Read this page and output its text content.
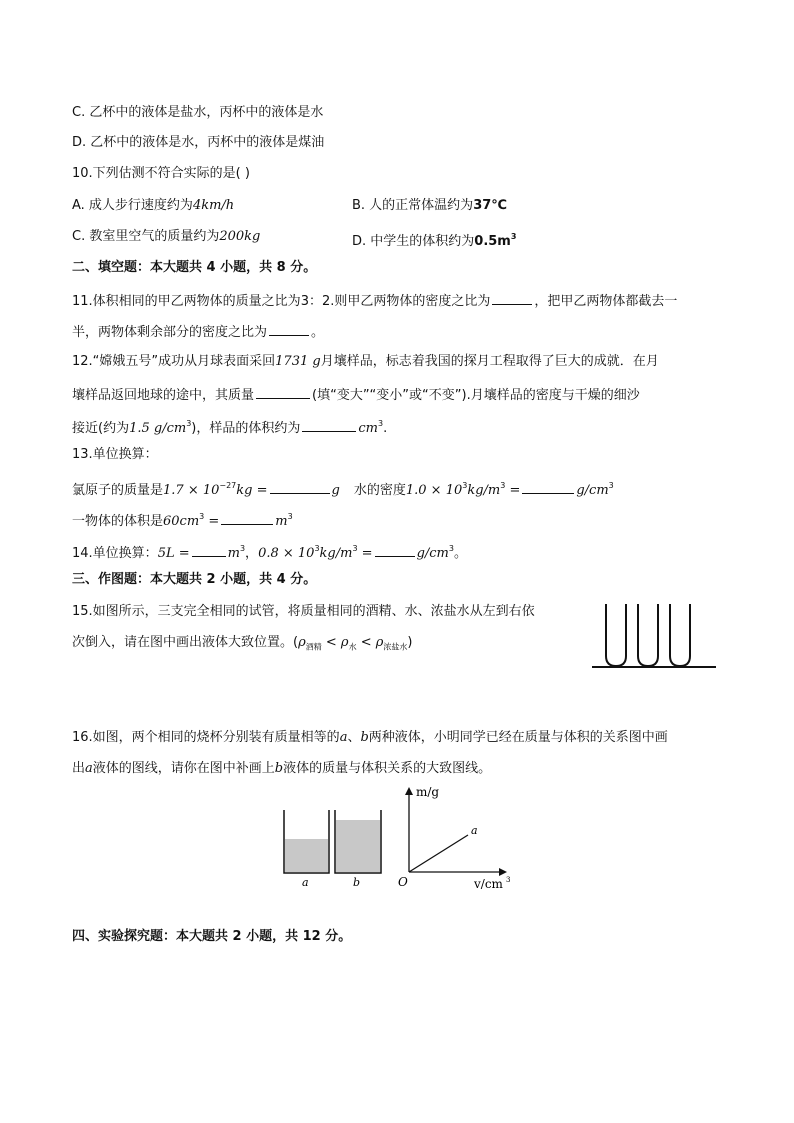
C. 乙杯中的液体是盐水，丙杯中的液体是水
D. 乙杯中的液体是水，丙杯中的液体是煤油
10.下列估测不符合实际的是( )
A. 成人步行速度约为4km/h	B. 人的正常体温约为37℃
C. 教室里空气的质量约为200kg	D. 中学生的体积约为$0.5m^3$
二、填空题：本大题共 4 小题，共 8 分。
11.体积相同的甲乙两物体的质量之比为3：2.则甲乙两物体的密度之比为	，把甲乙两物体都截去一
半，两物体剩余部分的密度之比为	。
12.“嫦娥五号”成功从月球表面采回1731 g月壤样品，标志着我国的探月工程取得了巨大的成就．在月
壤样品返回地球的途中，其质量	(填“变大”“变小”或“不变”).月壤样品的密度与干燥的细沙
接近(约为1.5 $g/cm^3$)，样品的体积约为	$cm^3$.
13.单位换算：
氯原子的质量是$1.7 \times 10^{-27}kg$ =	g 水的密度$1.0 \times 10^3kg/m^3$ =	$g/cm^3$
一物体的体积是$60cm^3$ =	$m^3$
14.单位换算：5L =	$m^3$，$0.8 \times 10^3kg/m^3$ =	$g/cm^3$。
三、作图题：本大题共 2 小题，共 4 分。
15.如图所示，三支完全相同的试管，将质量相同的酒精、水、浓盐水从左到右依
次倒入，请在图中画出液体大致位置。$(\rho_{酒精} < \rho_水 < \rho_{浓盐水})$
16.如图，两个相同的烧杯分别装有质量相等的a、b两种液体，小明同学已经在质量与体积的关系图中画
出a液体的图线，请你在图中补画上b液体的质量与体积关系的大致图线。
a	b
a
m/g
O	v/cm 3
四、实验探究题：本大题共 2 小题，共 12 分。
